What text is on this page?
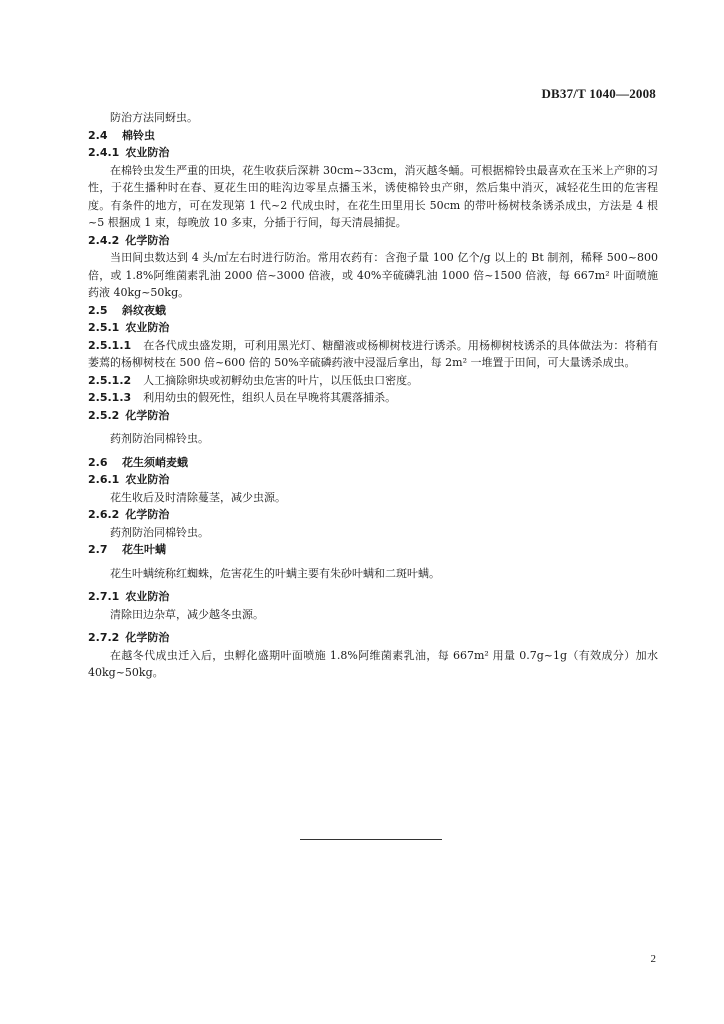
DB37/T 1040—2008
防治方法同蚜虫。
2.4 棉铃虫
2.4.1 农业防治
在棉铃虫发生严重的田块，花生收获后深耕 30cm~33cm，消灭越冬蛹。可根据棉铃虫最喜欢在玉米上产卵的习性，于花生播种时在春、夏花生田的畦沟边零星点播玉米，诱使棉铃虫产卵，然后集中消灭，减轻花生田的危害程度。有条件的地方，可在发现第 1 代~2 代成虫时，在花生田里用长 50cm 的带叶杨树枝条诱杀成虫，方法是 4 根~5 根捆成 1 束，每晚放 10 多束，分插于行间，每天清晨捕捉。
2.4.2 化学防治
当田间虫数达到 4 头/㎡左右时进行防治。常用农药有：含孢子量 100 亿个/g 以上的 Bt 制剂，稀释 500~800 倍，或 1.8%阿维菌素乳油 2000 倍~3000 倍液，或 40%辛硫磷乳油 1000 倍~1500 倍液，每 667m² 叶面喷施药液 40kg~50kg。
2.5 斜纹夜蛾
2.5.1 农业防治
2.5.1.1 在各代成虫盛发期，可利用黑光灯、糖醋液或杨柳树枝进行诱杀。用杨柳树枝诱杀的具体做法为：将稍有萎蔫的杨柳树枝在 500 倍~600 倍的 50%辛硫磷药液中浸湿后拿出，每 2m² 一堆置于田间，可大量诱杀成虫。
2.5.1.2 人工摘除卵块或初孵幼虫危害的叶片，以压低虫口密度。
2.5.1.3 利用幼虫的假死性，组织人员在早晚将其震落捕杀。
2.5.2 化学防治
药剂防治同棉铃虫。
2.6 花生须峭麦蛾
2.6.1 农业防治
花生收后及时清除蔓茎，减少虫源。
2.6.2 化学防治
药剂防治同棉铃虫。
2.7 花生叶螨
花生叶螨统称红蜘蛛，危害花生的叶螨主要有朱砂叶螨和二斑叶螨。
2.7.1 农业防治
清除田边杂草，减少越冬虫源。
2.7.2 化学防治
在越冬代成虫迁入后，虫孵化盛期叶面喷施 1.8%阿维菌素乳油，每 667m² 用量 0.7g~1g（有效成分）加水 40kg~50kg。
2
